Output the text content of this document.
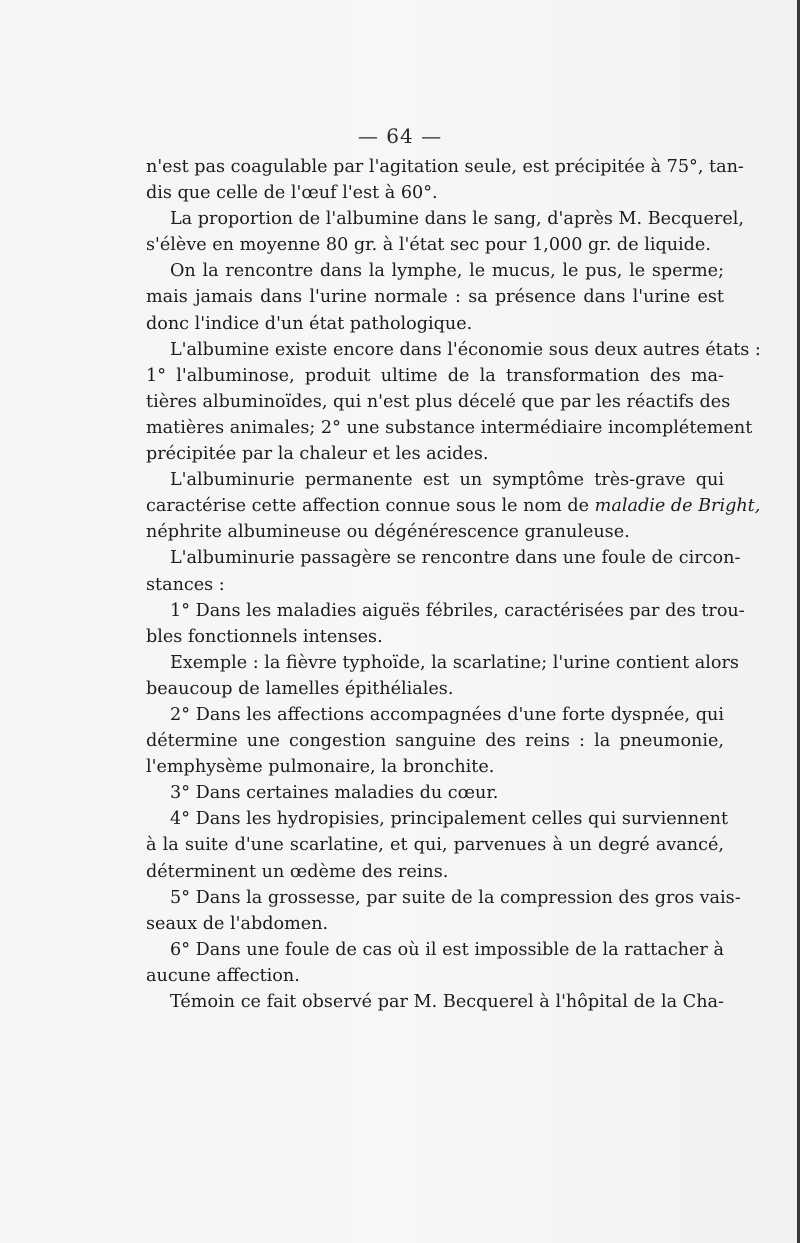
— 64 —
n'est pas coagulable par l'agitation seule, est précipitée à 75°, tan-
dis que celle de l'œuf l'est à 60°.
La proportion de l'albumine dans le sang, d'après M. Becquerel,
s'élève en moyenne 80 gr. à l'état sec pour 1,000 gr. de liquide.
On la rencontre dans la lymphe, le mucus, le pus, le sperme;
mais jamais dans l'urine normale : sa présence dans l'urine est
donc l'indice d'un état pathologique.
L'albumine existe encore dans l'économie sous deux autres états :
1° l'albuminose, produit ultime de la transformation des ma-
tières albuminoïdes, qui n'est plus décelé que par les réactifs des
matières animales; 2° une substance intermédiaire incomplétement
précipitée par la chaleur et les acides.
L'albuminurie permanente est un symptôme très-grave qui
caractérise cette affection connue sous le nom de maladie de Bright,
néphrite albumineuse ou dégénérescence granuleuse.
L'albuminurie passagère se rencontre dans une foule de circon-
stances :
1° Dans les maladies aiguës fébriles, caractérisées par des trou-
bles fonctionnels intenses.
Exemple : la fièvre typhoïde, la scarlatine; l'urine contient alors
beaucoup de lamelles épithéliales.
2° Dans les affections accompagnées d'une forte dyspnée, qui
détermine une congestion sanguine des reins : la pneumonie,
l'emphysème pulmonaire, la bronchite.
3° Dans certaines maladies du cœur.
4° Dans les hydropisies, principalement celles qui surviennent
à la suite d'une scarlatine, et qui, parvenues à un degré avancé,
déterminent un œdème des reins.
5° Dans la grossesse, par suite de la compression des gros vais-
seaux de l'abdomen.
6° Dans une foule de cas où il est impossible de la rattacher à
aucune affection.
Témoin ce fait observé par M. Becquerel à l'hôpital de la Cha-
